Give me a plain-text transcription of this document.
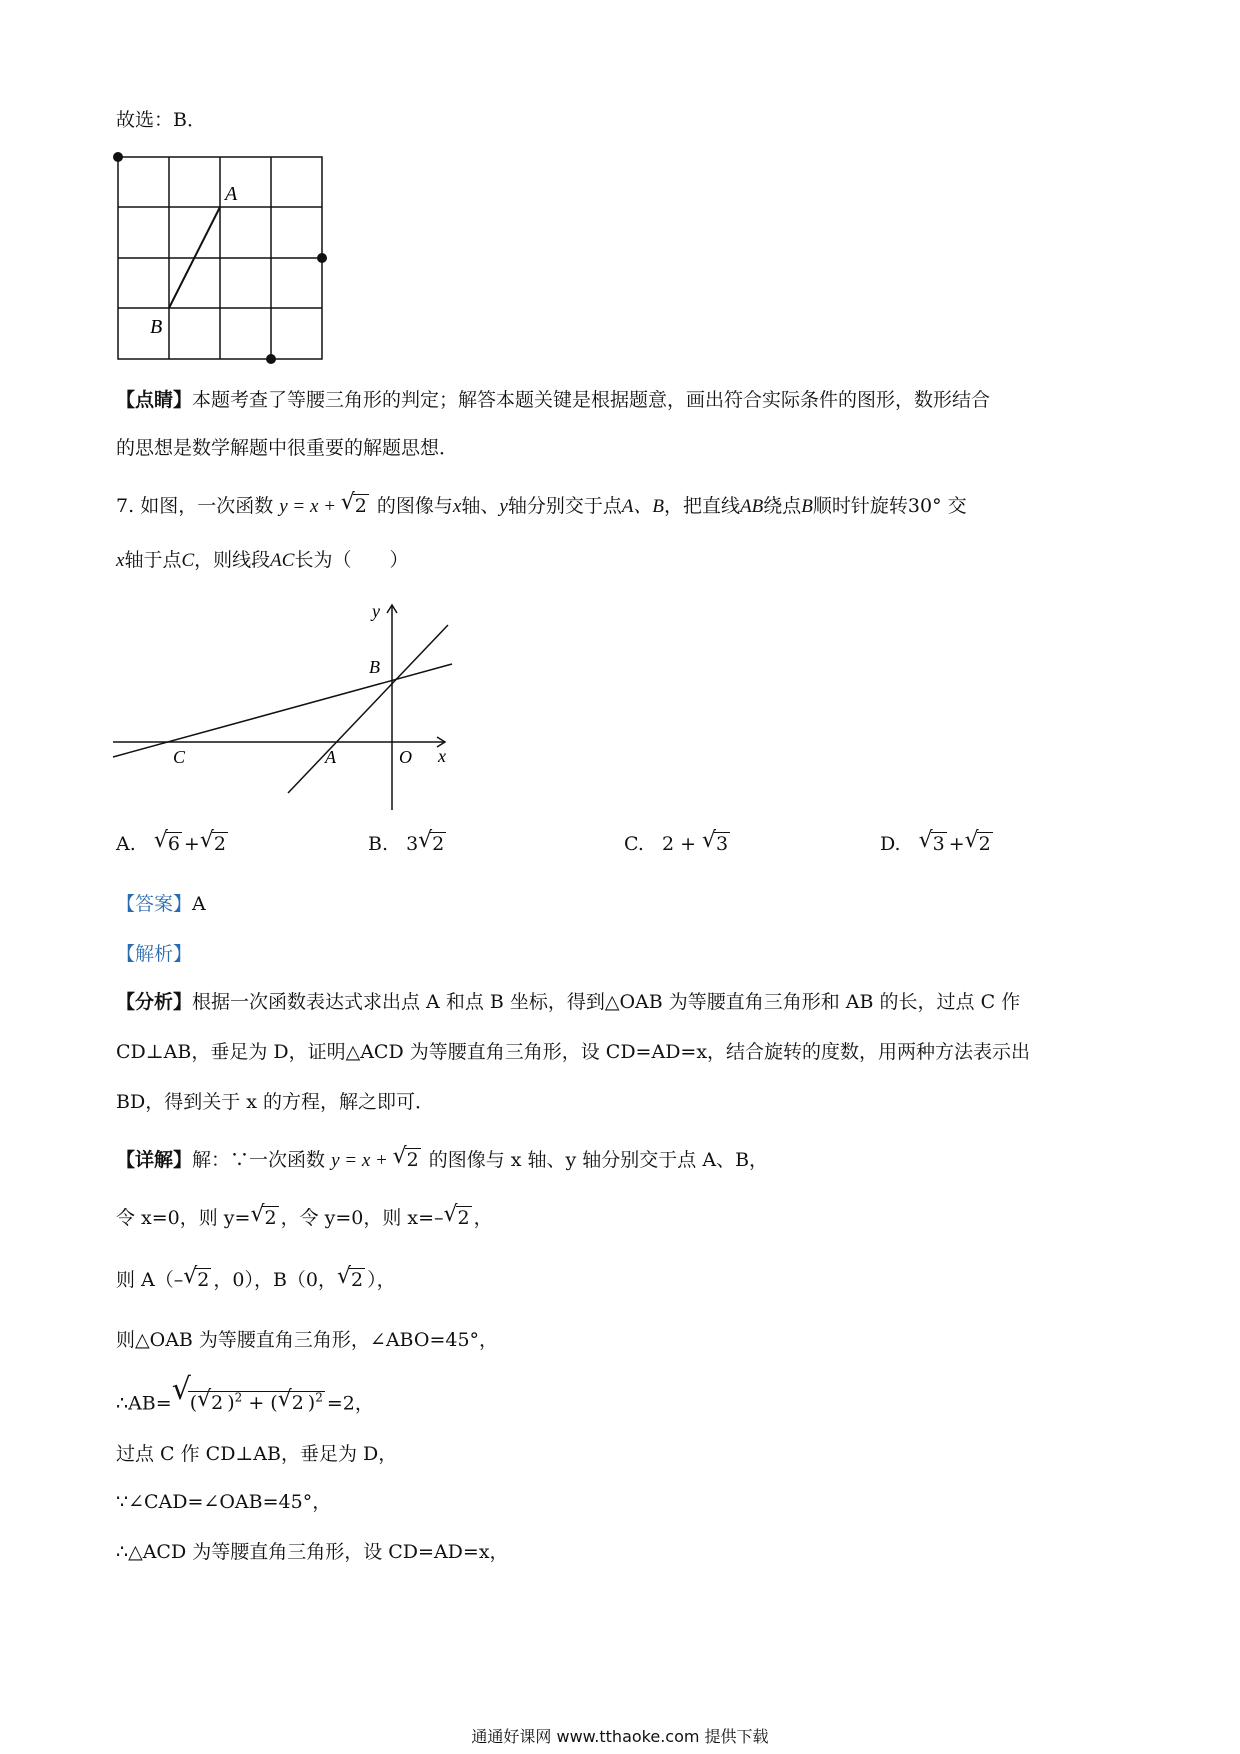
故选：B．
A
B
【点睛】本题考查了等腰三角形的判定；解答本题关键是根据题意，画出符合实际条件的图形，数形结合
的思想是数学解题中很重要的解题思想．
7. 如图，一次函数 y = x + √ 2 的图像与x轴、y轴分别交于点A、B，把直线AB绕点B顺时针旋转30° 交
x轴于点C，则线段AC长为（　　）
y
x
B
C	A	O
A. √ 6 + √ 2	B. 3 √ 2	C. 2 + √ 3	D. √ 3 + √ 2
【答案】A
【解析】
【分析】根据一次函数表达式求出点 A 和点 B 坐标，得到△OAB 为等腰直角三角形和 AB 的长，过点 C 作
CD⊥AB，垂足为 D，证明△ACD 为等腰直角三角形，设 CD=AD=x，结合旋转的度数，用两种方法表示出
BD，得到关于 x 的方程，解之即可．
【详解】解：∵一次函数 y = x + √ 2 的图像与 x 轴、y 轴分别交于点 A、B，
令 x=0，则 y= √ 2 ，令 y=0，则 x=– √ 2 ，
则 A（– √ 2 ，0），B（0， √ 2 ），
则△OAB 为等腰直角三角形，∠ABO=45°，
∴AB= √
( √ 2 )$^2$ + ( √ 2 )$^2$ =2，
过点 C 作 CD⊥AB，垂足为 D，
∵∠CAD=∠OAB=45°，
∴△ACD 为等腰直角三角形，设 CD=AD=x，
通通好课网 www.tthaoke.com 提供下载
